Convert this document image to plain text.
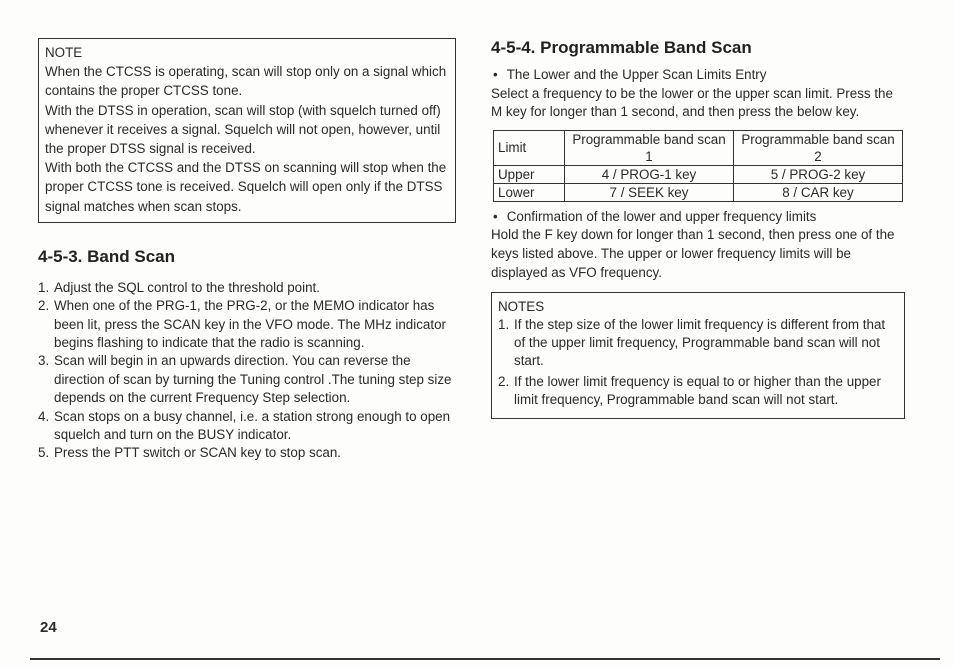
NOTE

When the CTCSS is operating, scan will stop only on a signal which contains the proper CTCSS tone.

With the DTSS in operation, scan will stop (with squelch turned off) whenever it receives a signal. Squelch will not open, however, until the proper DTSS signal is received.

With both the CTCSS and the DTSS on scanning will stop when the proper CTCSS tone is received. Squelch will open only if the DTSS signal matches when scan stops.

4-5-3. Band Scan
1. Adjust the SQL control to the threshold point.
2. When one of the PRG-1, the PRG-2, or the MEMO indicator has been lit, press the SCAN key in the VFO mode. The MHz indicator begins flashing to indicate that the radio is scanning.
3. Scan will begin in an upwards direction. You can reverse the direction of scan by turning the Tuning control .The tuning step size depends on the current Frequency Step selection.
4. Scan stops on a busy channel, i.e. a station strong enough to open squelch and turn on the BUSY indicator.
5. Press the PTT switch or SCAN key to stop scan.
4-5-4. Programmable Band Scan

• The Lower and the Upper Scan Limits Entry

Select a frequency to be the lower or the upper scan limit. Press the M key for longer than 1 second, and then press the below key.

Limit	Programmable band scan 1	Programmable band scan 2
Upper	4 / PROG-1 key	5 / PROG-2 key
Lower	7 / SEEK key	8 / CAR key

• Confirmation of the lower and upper frequency limits

Hold the F key down for longer than 1 second, then press one of the keys listed above. The upper or lower frequency limits will be displayed as VFO frequency.

NOTES
1. If the step size of the lower limit frequency is different from that of the upper limit frequency, Programmable band scan will not start.
2. If the lower limit frequency is equal to or higher than the upper limit frequency, Programmable band scan will not start.
24
